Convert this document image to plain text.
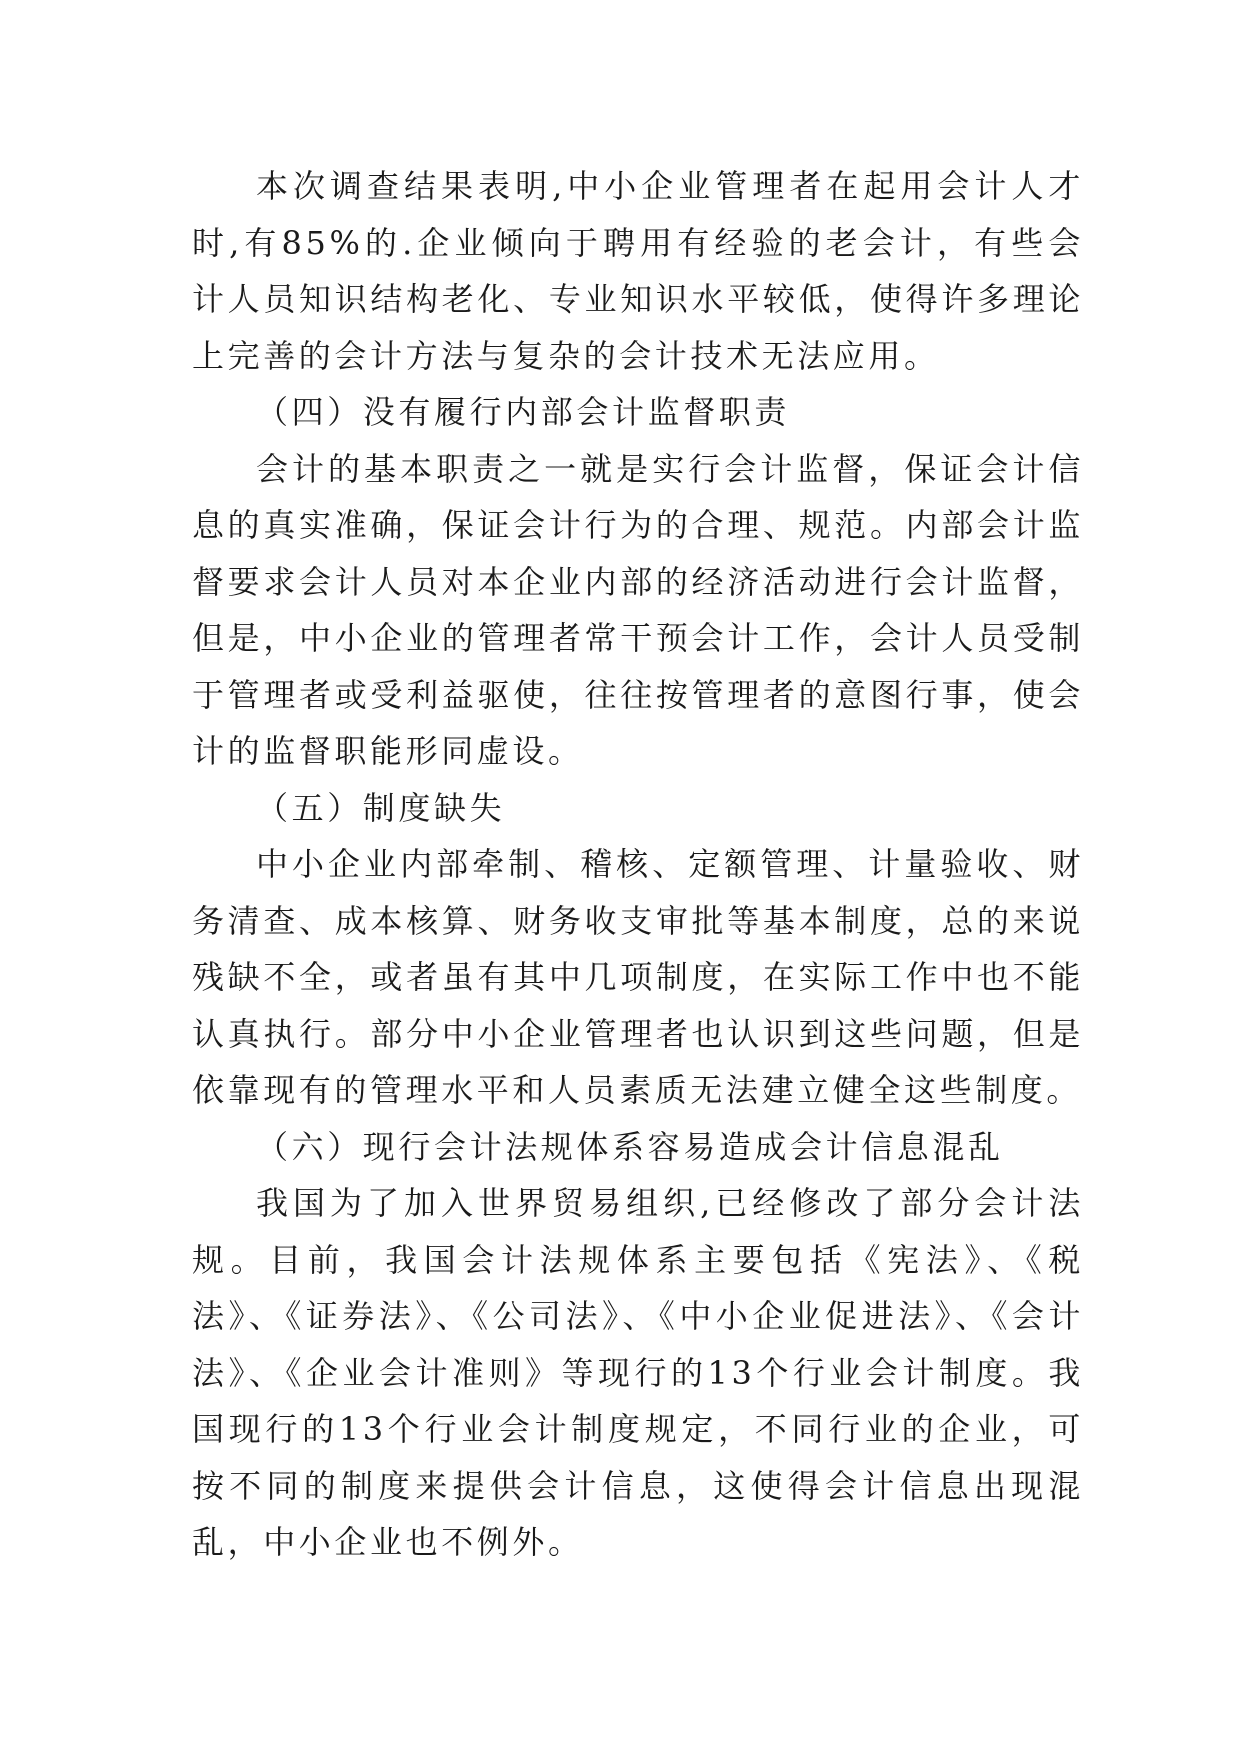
本次调查结果表明,中小企业管理者在起用会计人才时,有85%的.企业倾向于聘用有经验的老会计，有些会计人员知识结构老化、专业知识水平较低，使得许多理论上完善的会计方法与复杂的会计技术无法应用。

（四）没有履行内部会计监督职责

会计的基本职责之一就是实行会计监督，保证会计信息的真实准确，保证会计行为的合理、规范。内部会计监督要求会计人员对本企业内部的经济活动进行会计监督，但是，中小企业的管理者常干预会计工作，会计人员受制于管理者或受利益驱使，往往按管理者的意图行事，使会计的监督职能形同虚设。

（五）制度缺失

中小企业内部牵制、稽核、定额管理、计量验收、财务清查、成本核算、财务收支审批等基本制度，总的来说残缺不全，或者虽有其中几项制度，在实际工作中也不能认真执行。部分中小企业管理者也认识到这些问题，但是依靠现有的管理水平和人员素质无法建立健全这些制度。

（六）现行会计法规体系容易造成会计信息混乱

我国为了加入世界贸易组织,已经修改了部分会计法规。目前，我国会计法规体系主要包括《宪法》、《税法》、《证券法》、《公司法》、《中小企业促进法》、《会计法》、《企业会计准则》等现行的13个行业会计制度。我国现行的13个行业会计制度规定，不同行业的企业，可按不同的制度来提供会计信息，这使得会计信息出现混乱，中小企业也不例外。
